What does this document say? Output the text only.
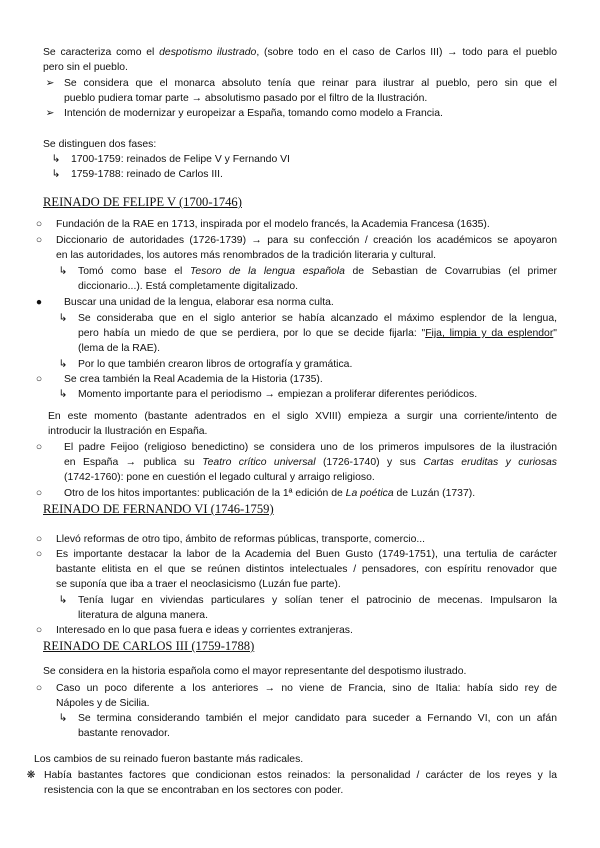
Se caracteriza como el despotismo ilustrado, (sobre todo en el caso de Carlos III) → todo para el pueblo
pero sin el pueblo.
➢ Se considera que el monarca absoluto tenía que reinar para ilustrar al pueblo, pero sin que el
pueblo pudiera tomar parte → absolutismo pasado por el filtro de la Ilustración.
➢ Intención de modernizar y europeizar a España, tomando como modelo a Francia.
Se distinguen dos fases:
↳ 1700-1759: reinados de Felipe V y Fernando VI
↳ 1759-1788: reinado de Carlos III.
REINADO DE FELIPE V (1700-1746)
○ Fundación de la RAE en 1713, inspirada por el modelo francés, la Academia Francesa (1635).
○ Diccionario de autoridades (1726-1739) → para su confección / creación los académicos se apoyaron
en las autoridades, los autores más renombrados de la tradición literaria y cultural.
↳ Tomó como base el Tesoro de la lengua española de Sebastian de Covarrubias (el primer
diccionario...). Está completamente digitalizado.
● Buscar una unidad de la lengua, elaborar esa norma culta.
↳ Se consideraba que en el siglo anterior se había alcanzado el máximo esplendor de la lengua,
pero había un miedo de que se perdiera, por lo que se decide fijarla: "Fija, limpia y da esplendor"
(lema de la RAE).
↳ Por lo que también crearon libros de ortografía y gramática.
○ Se crea también la Real Academia de la Historia (1735).
↳ Momento importante para el periodismo → empiezan a proliferar diferentes periódicos.
En este momento (bastante adentrados en el siglo XVIII) empieza a surgir una corriente/intento de
introducir la Ilustración en España.
○ El padre Feijoo (religioso benedictino) se considera uno de los primeros impulsores de la ilustración
en España → publica su Teatro crítico universal (1726-1740) y sus Cartas eruditas y curiosas
(1742-1760): pone en cuestión el legado cultural y arraigo religioso.
○ Otro de los hitos importantes: publicación de la 1ª edición de La poética de Luzán (1737).
REINADO DE FERNANDO VI (1746-1759)
○ Llevó reformas de otro tipo, ámbito de reformas públicas, transporte, comercio...
○ Es importante destacar la labor de la Academia del Buen Gusto (1749-1751), una tertulia de carácter
bastante elitista en el que se reúnen distintos intelectuales / pensadores, con espíritu renovador que
se suponía que iba a traer el neoclasicismo (Luzán fue parte).
↳ Tenía lugar en viviendas particulares y solían tener el patrocinio de mecenas. Impulsaron la
literatura de alguna manera.
○ Interesado en lo que pasa fuera e ideas y corrientes extranjeras.
REINADO DE CARLOS III (1759-1788)
Se considera en la historia española como el mayor representante del despotismo ilustrado.
○ Caso un poco diferente a los anteriores → no viene de Francia, sino de Italia: había sido rey de
Nápoles y de Sicilia.
↳ Se termina considerando también el mejor candidato para suceder a Fernando VI, con un afán
bastante renovador.
Los cambios de su reinado fueron bastante más radicales.
❋ Había bastantes factores que condicionan estos reinados: la personalidad / carácter de los reyes y la
resistencia con la que se encontraban en los sectores con poder.
